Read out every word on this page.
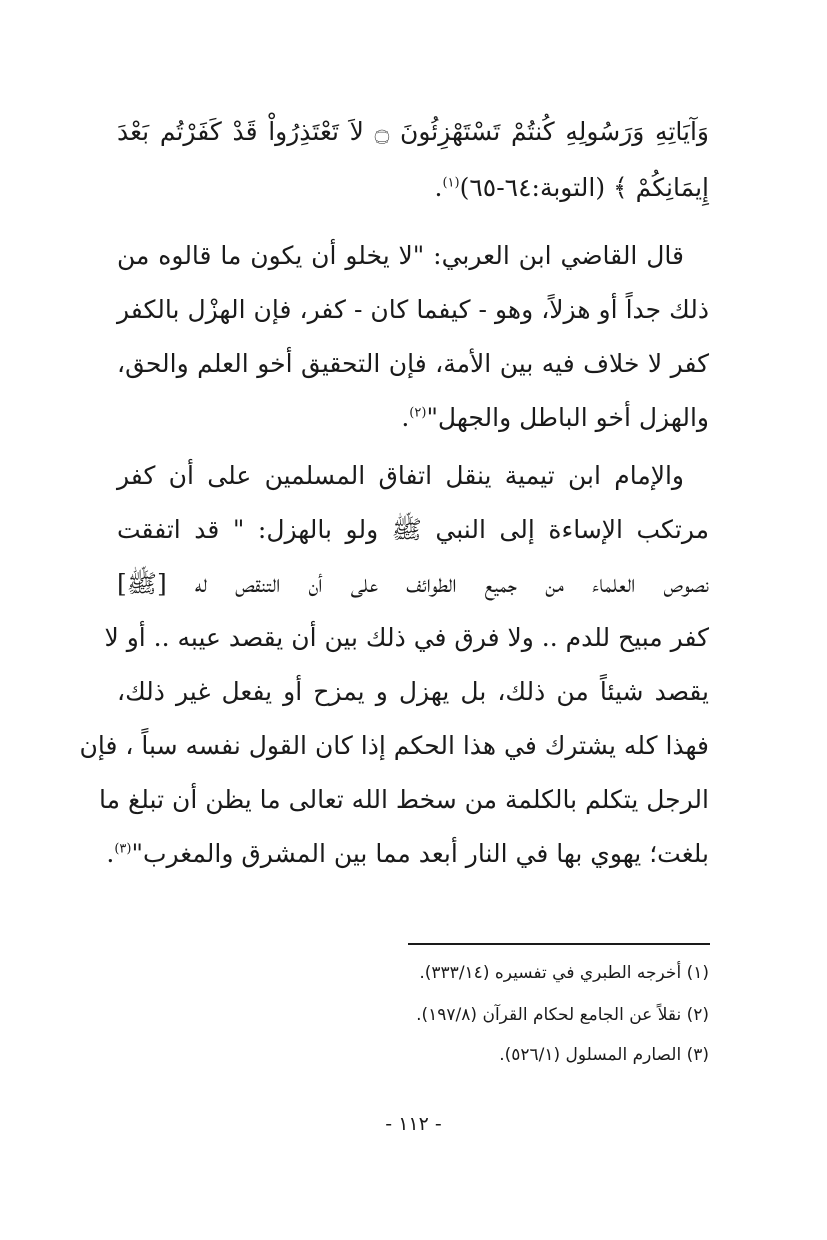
وَآيَاتِهِ وَرَسُولِهِ كُنتُمْ تَسْتَهْزِئُونَ ۝ لاَ تَعْتَذِرُواْ قَدْ كَفَرْتُم بَعْدَ
إِيمَانِكُمْ ﴾ (التوبة:٦٤-٦٥)$^{(١)}$.
قال القاضي ابن العربي: "لا يخلو أن يكون ما قالوه من
ذلك جداً أو هزلاً، وهو - كيفما كان - كفر، فإن الهزْل بالكفر
كفر لا خلاف فيه بين الأمة، فإن التحقيق أخو العلم والحق،
والهزل أخو الباطل والجهل"$^{(٢)}$.
والإمام ابن تيمية ينقل اتفاق المسلمين على أن كفر
مرتكب الإساءة إلى النبي ﷺ ولو بالهزل: " قد اتفقت
نصوص العلماء من جميع الطوائف على أن التنقص له [ﷺ]
كفر مبيح للدم .. ولا فرق في ذلك بين أن يقصد عيبه .. أو لا
يقصد شيئاً من ذلك، بل يهزل و يمزح أو يفعل غير ذلك،
فهذا كله يشترك في هذا الحكم إذا كان القول نفسه سباً ، فإن
الرجل يتكلم بالكلمة من سخط الله تعالى ما يظن أن تبلغ ما
بلغت؛ يهوي بها في النار أبعد مما بين المشرق والمغرب"$^{(٣)}$.
(١) أخرجه الطبري في تفسيره (٣٣٣/١٤).
(٢) نقلاً عن الجامع لحكام القرآن (١٩٧/٨).
(٣) الصارم المسلول (٥٢٦/١).
- ١١٢ -
